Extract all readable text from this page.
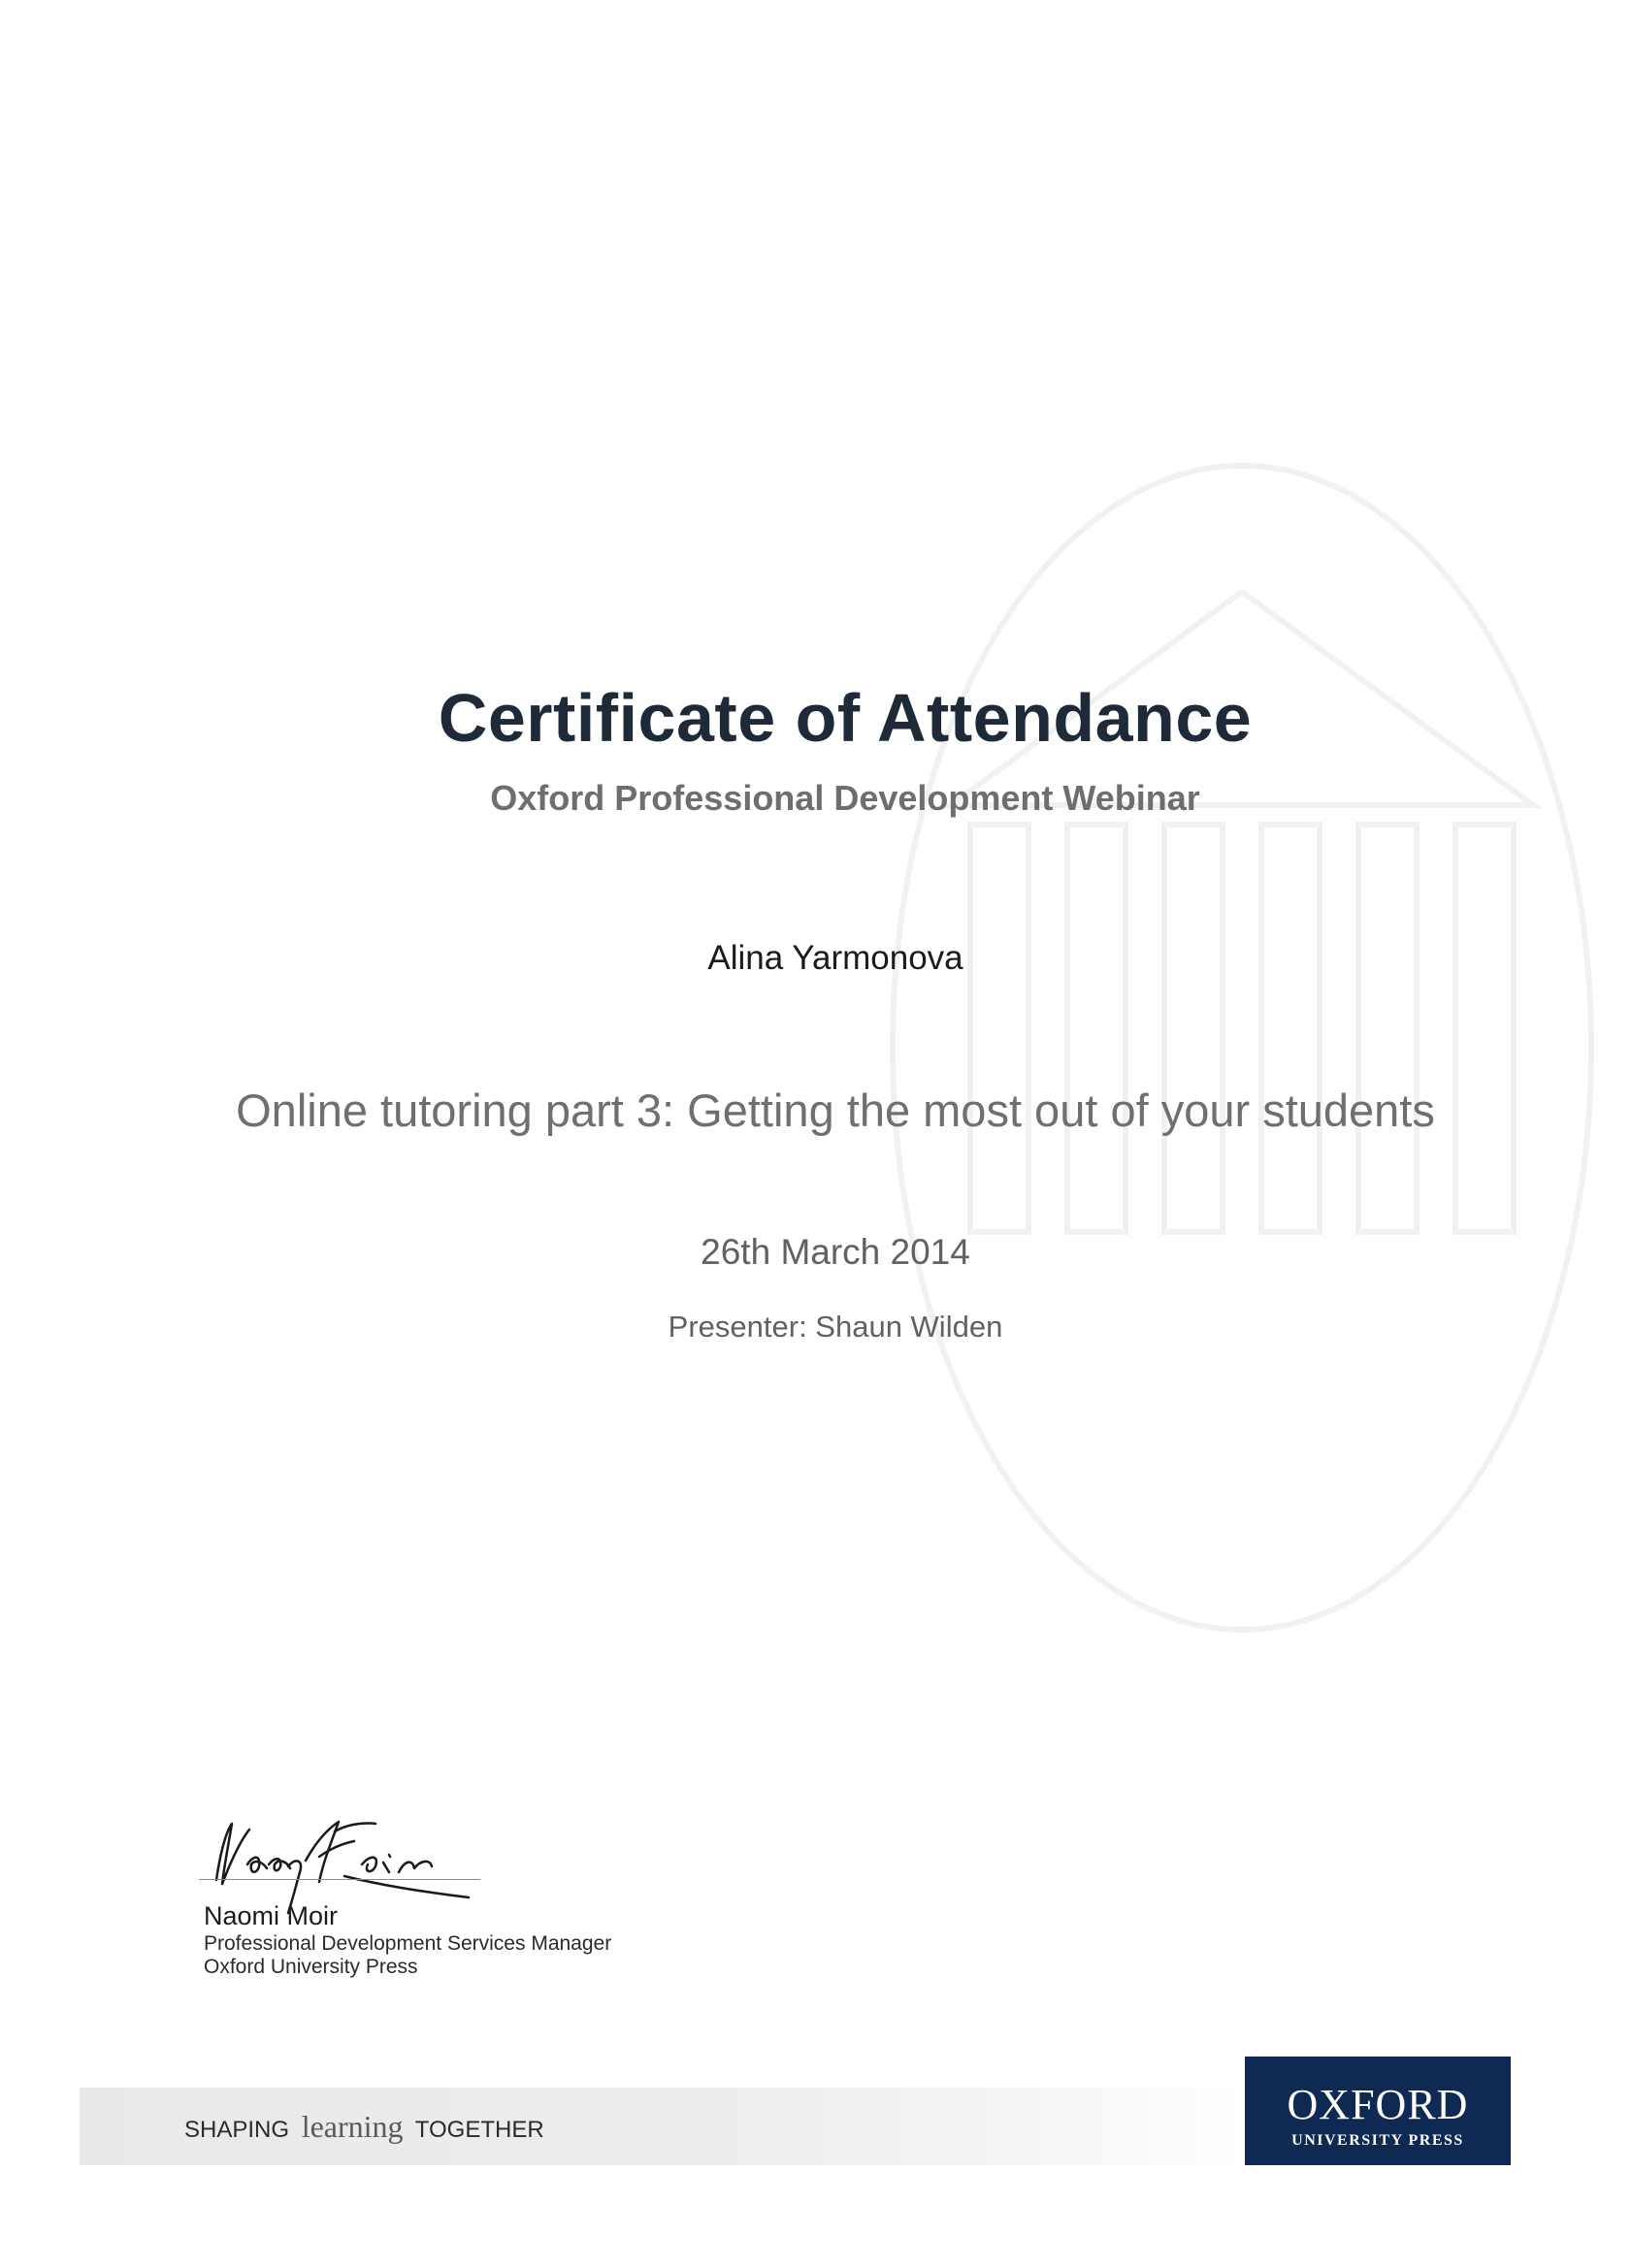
Certificate of Attendance
Oxford Professional Development Webinar
Alina Yarmonova
Online tutoring part 3: Getting the most out of your students
26th March 2014
Presenter: Shaun Wilden
Naomi Moir
Professional Development Services Manager
Oxford University Press
SHAPING learning TOGETHER
OXFORD
UNIVERSITY PRESS
